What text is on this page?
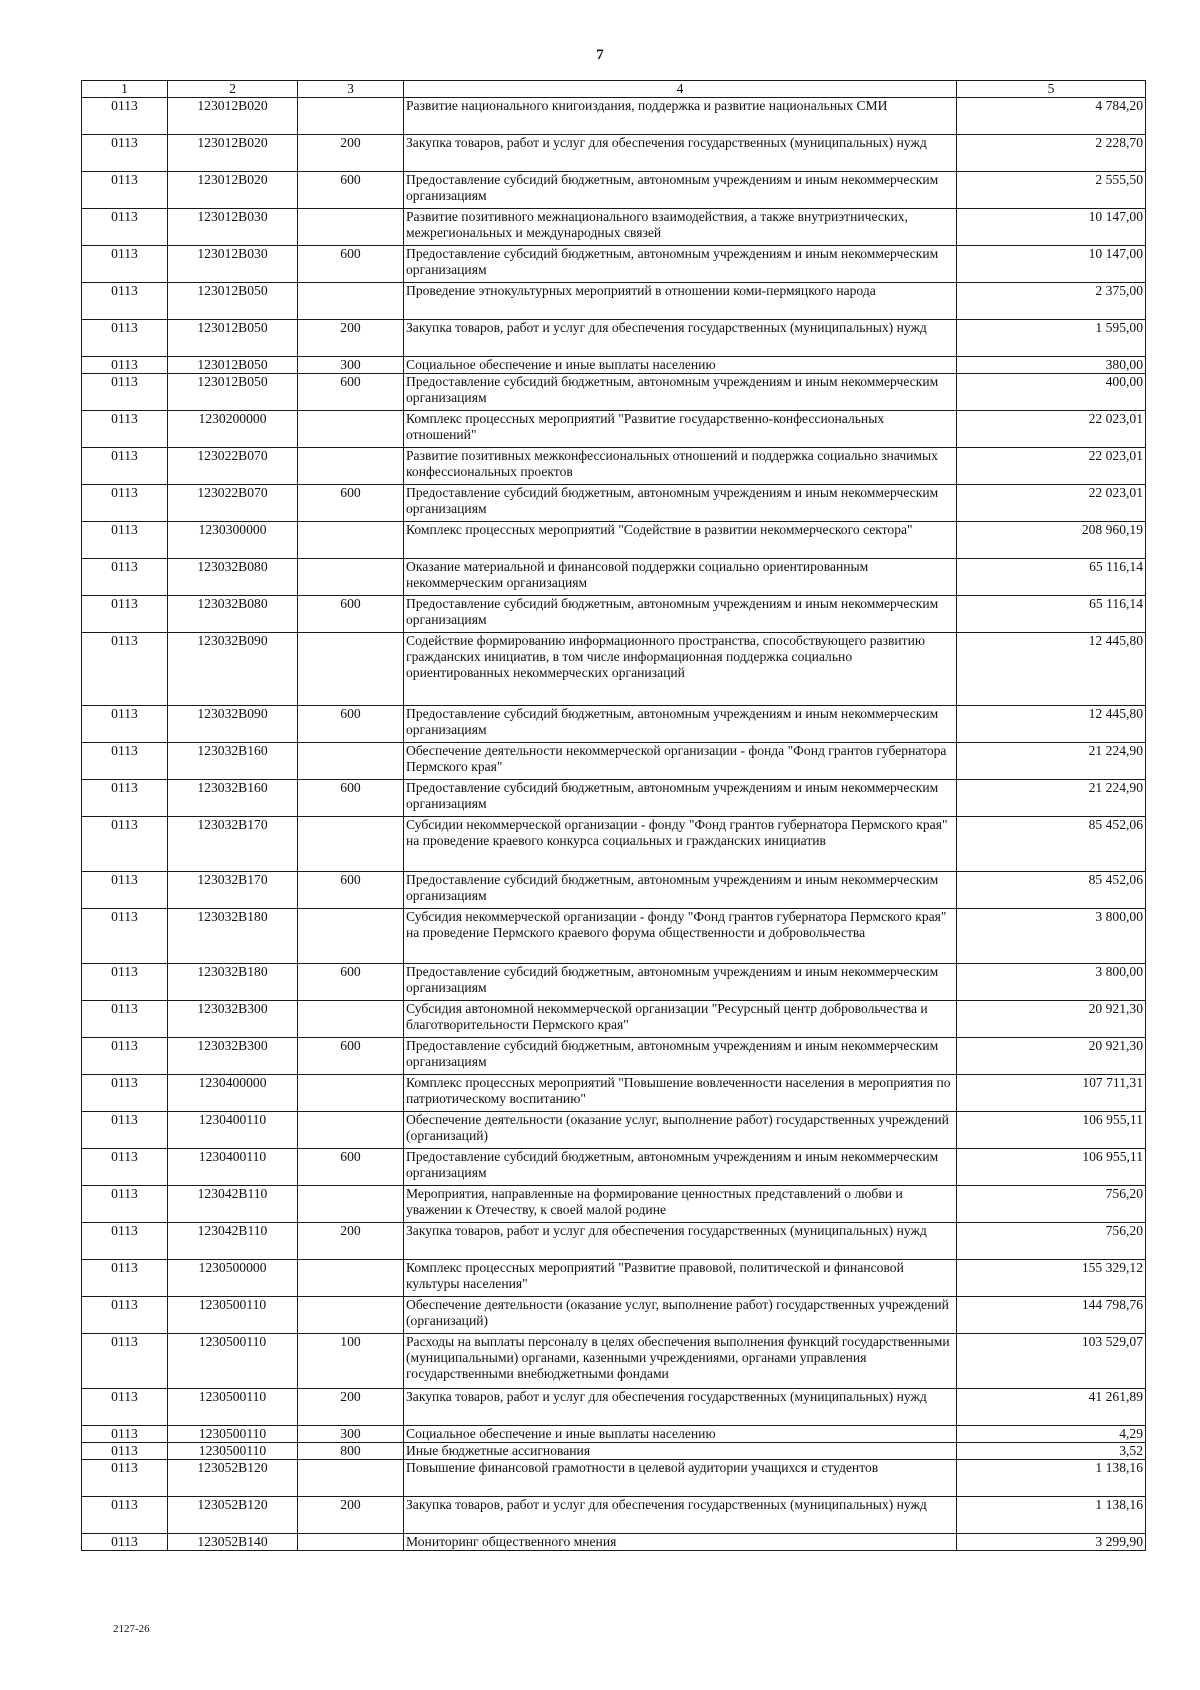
7
1	2	3	4	5
0113	123012В020		Развитие национального книгоиздания, поддержка и развитие национальных СМИ	4 784,20
0113	123012В020	200	Закупка товаров, работ и услуг для обеспечения государственных (муниципальных) нужд	2 228,70
0113	123012В020	600	Предоставление субсидий бюджетным, автономным учреждениям и иным некоммерческим организациям	2 555,50
0113	123012В030		Развитие позитивного межнационального взаимодействия, а также внутриэтнических, межрегиональных и международных связей	10 147,00
0113	123012В030	600	Предоставление субсидий бюджетным, автономным учреждениям и иным некоммерческим организациям	10 147,00
0113	123012В050		Проведение этнокультурных мероприятий в отношении коми-пермяцкого народа	2 375,00
0113	123012В050	200	Закупка товаров, работ и услуг для обеспечения государственных (муниципальных) нужд	1 595,00
0113	123012В050	300	Социальное обеспечение и иные выплаты населению	380,00
0113	123012В050	600	Предоставление субсидий бюджетным, автономным учреждениям и иным некоммерческим организациям	400,00
0113	1230200000		Комплекс процессных мероприятий "Развитие государственно-конфессиональных отношений"	22 023,01
0113	123022В070		Развитие позитивных межконфессиональных отношений и поддержка социально значимых конфессиональных проектов	22 023,01
0113	123022В070	600	Предоставление субсидий бюджетным, автономным учреждениям и иным некоммерческим организациям	22 023,01
0113	1230300000		Комплекс процессных мероприятий "Содействие в развитии некоммерческого сектора"	208 960,19
0113	123032В080		Оказание материальной и финансовой поддержки социально ориентированным некоммерческим организациям	65 116,14
0113	123032В080	600	Предоставление субсидий бюджетным, автономным учреждениям и иным некоммерческим организациям	65 116,14
0113	123032В090		Содействие формированию информационного пространства, способствующего развитию гражданских инициатив, в том числе информационная поддержка социально ориентированных некоммерческих организаций	12 445,80
0113	123032В090	600	Предоставление субсидий бюджетным, автономным учреждениям и иным некоммерческим организациям	12 445,80
0113	123032В160		Обеспечение деятельности некоммерческой организации - фонда "Фонд грантов губернатора Пермского края"	21 224,90
0113	123032В160	600	Предоставление субсидий бюджетным, автономным учреждениям и иным некоммерческим организациям	21 224,90
0113	123032В170		Субсидии некоммерческой организации - фонду "Фонд грантов губернатора Пермского края" на проведение краевого конкурса социальных и гражданских инициатив	85 452,06
0113	123032В170	600	Предоставление субсидий бюджетным, автономным учреждениям и иным некоммерческим организациям	85 452,06
0113	123032В180		Субсидия некоммерческой организации - фонду "Фонд грантов губернатора Пермского края" на проведение Пермского краевого форума общественности и добровольчества	3 800,00
0113	123032В180	600	Предоставление субсидий бюджетным, автономным учреждениям и иным некоммерческим организациям	3 800,00
0113	123032В300		Субсидия автономной некоммерческой организации "Ресурсный центр добровольчества и благотворительности Пермского края"	20 921,30
0113	123032В300	600	Предоставление субсидий бюджетным, автономным учреждениям и иным некоммерческим организациям	20 921,30
0113	1230400000		Комплекс процессных мероприятий "Повышение вовлеченности населения в мероприятия по патриотическому воспитанию"	107 711,31
0113	1230400110		Обеспечение деятельности (оказание услуг, выполнение работ) государственных учреждений (организаций)	106 955,11
0113	1230400110	600	Предоставление субсидий бюджетным, автономным учреждениям и иным некоммерческим организациям	106 955,11
0113	123042В110		Мероприятия, направленные на формирование ценностных представлений о любви и уважении к Отечеству, к своей малой родине	756,20
0113	123042В110	200	Закупка товаров, работ и услуг для обеспечения государственных (муниципальных) нужд	756,20
0113	1230500000		Комплекс процессных мероприятий "Развитие правовой, политической и финансовой культуры населения"	155 329,12
0113	1230500110		Обеспечение деятельности (оказание услуг, выполнение работ) государственных учреждений (организаций)	144 798,76
0113	1230500110	100	Расходы на выплаты персоналу в целях обеспечения выполнения функций государственными (муниципальными) органами, казенными учреждениями, органами управления государственными внебюджетными фондами	103 529,07
0113	1230500110	200	Закупка товаров, работ и услуг для обеспечения государственных (муниципальных) нужд	41 261,89
0113	1230500110	300	Социальное обеспечение и иные выплаты населению	4,29
0113	1230500110	800	Иные бюджетные ассигнования	3,52
0113	123052В120		Повышение финансовой грамотности в целевой аудитории учащихся и студентов	1 138,16
0113	123052В120	200	Закупка товаров, работ и услуг для обеспечения государственных (муниципальных) нужд	1 138,16
0113	123052В140		Мониторинг общественного мнения	3 299,90
2127-26
